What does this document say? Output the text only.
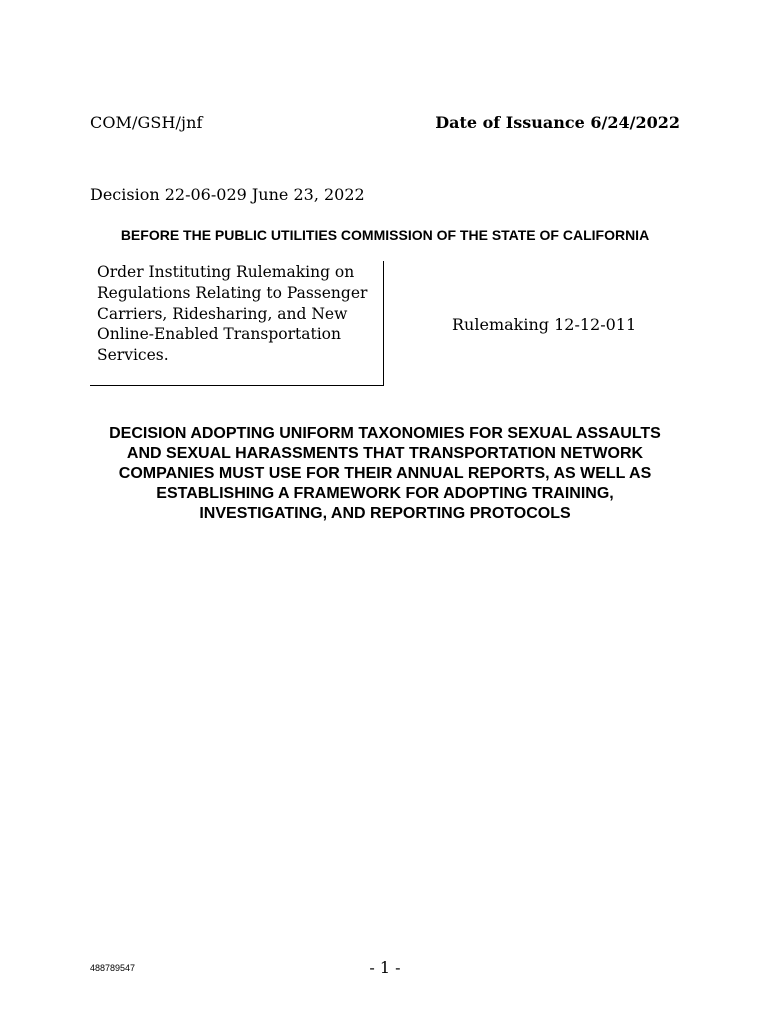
COM/GSH/jnf	Date of Issuance 6/24/2022
Decision 22-06-029 June 23, 2022
BEFORE THE PUBLIC UTILITIES COMMISSION OF THE STATE OF CALIFORNIA
Order Instituting Rulemaking on
Regulations Relating to Passenger
Carriers, Ridesharing, and New
Online-Enabled Transportation
Services.
Rulemaking 12-12-011
DECISION ADOPTING UNIFORM TAXONOMIES FOR SEXUAL ASSAULTS
AND SEXUAL HARASSMENTS THAT TRANSPORTATION NETWORK
COMPANIES MUST USE FOR THEIR ANNUAL REPORTS, AS WELL AS
ESTABLISHING A FRAMEWORK FOR ADOPTING TRAINING,
INVESTIGATING, AND REPORTING PROTOCOLS
488789547	- 1 -
